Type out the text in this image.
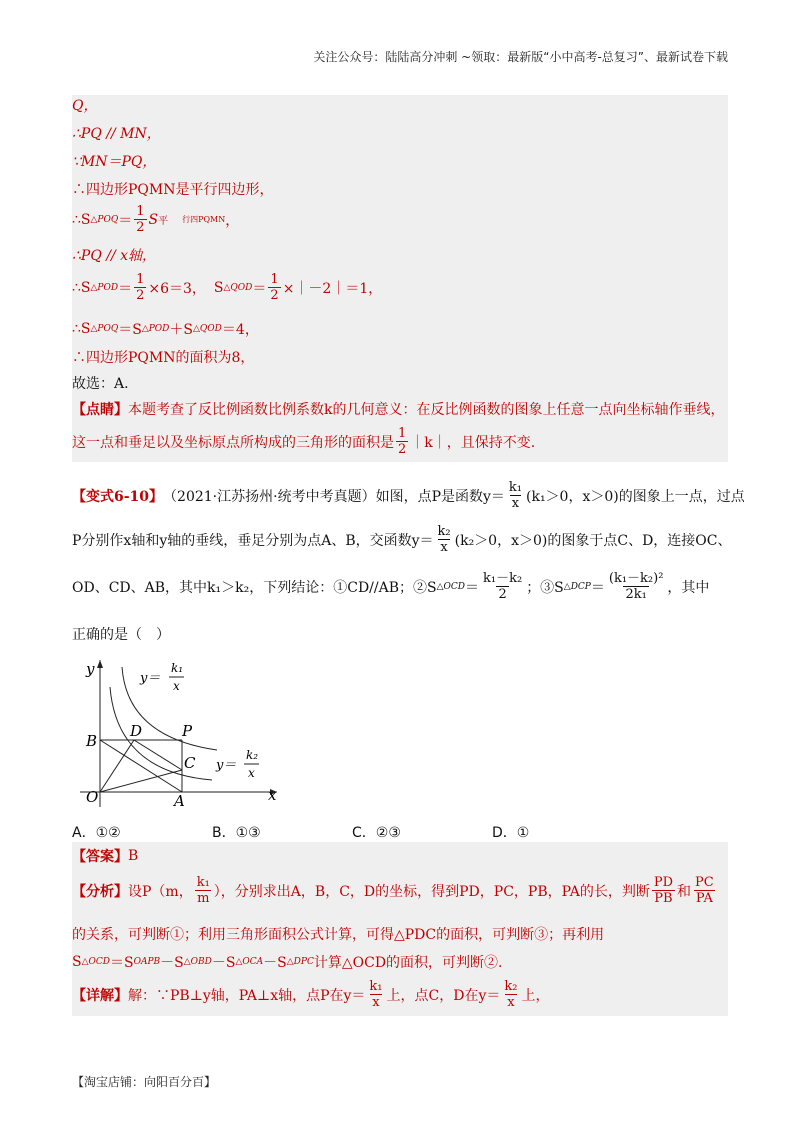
关注公众号：陆陆高分冲刺 ~领取：最新版“小中高考-总复习”、最新试卷下载
Q，
∴PQ // MN，
∵MN＝PQ，
∴四边形PQMN是平行四边形，
∴S △POQ ＝ $\frac{1}{2}$ S 平 行四PQMN ，
∴PQ // x轴，
∴S △POD ＝ $\frac{1}{2} \times 6=3$， S △QOD ＝ $\frac{1}{2}$ ×｜－2｜＝1，
∴S △POQ ＝S △POD ＋S △QOD ＝4，
∴四边形PQMN的面积为8，
故选：A.
【点睛】 本题考查了反比例函数比例系数k的几何意义：在反比例函数的图象上任意一点向坐标轴作垂线，
这一点和垂足以及坐标原点所构成的三角形的面积是 $\frac{1}{2}$ ｜k｜，且保持不变.
【变式6-10】 （2021·江苏扬州·统考中考真题）如图，点P是函数$y= \frac{\text{k₁}}{x} (k_1>0$，x＞0)的图象上一点，过点
P分别作x轴和y轴的垂线，垂足分别为点A、B，交函数$y= \frac{\text{k₂}}{x} (k_2>0$，x＞0)的图象于点C、D，连接OC、
OD、CD、AB，其中k₁＞k₂，下列结论：①CD//AB；②S △OCD ＝ $\frac{\text{k₁－k₂}}{2}$ ；③S △DCP ＝ $\frac{\text{(k₁－k₂)²}}{\text{2k₁}}$ ，其中
正确的是（　）
y
x
O	A
B
C
D	P
y＝
k₁
x
y＝
k₂
x
A．①②	B．①③	C．②③	D．①
【答案】 B
【分析】 设P（m， $\frac{\text{k₁}}{m}$ ），分别求出A，B，C，D的坐标，得到PD，PC，PB，PA的长，判断 $\frac{PD}{PB}$ 和 $\frac{PC}{PA}$
的关系，可判断①；利用三角形面积公式计算，可得△PDC的面积，可判断③；再利用
S △OCD ＝S OAPB －S △OBD －S △OCA －S △DPC 计算△OCD的面积，可判断②.
【详解】 解：∵PB⊥y轴，PA⊥x轴，点P在$y= \frac{\text{k₁}}{x}$ 上，点C，D在$y= \frac{\text{k₂}}{x}$ 上，
【淘宝店铺：向阳百分百】
